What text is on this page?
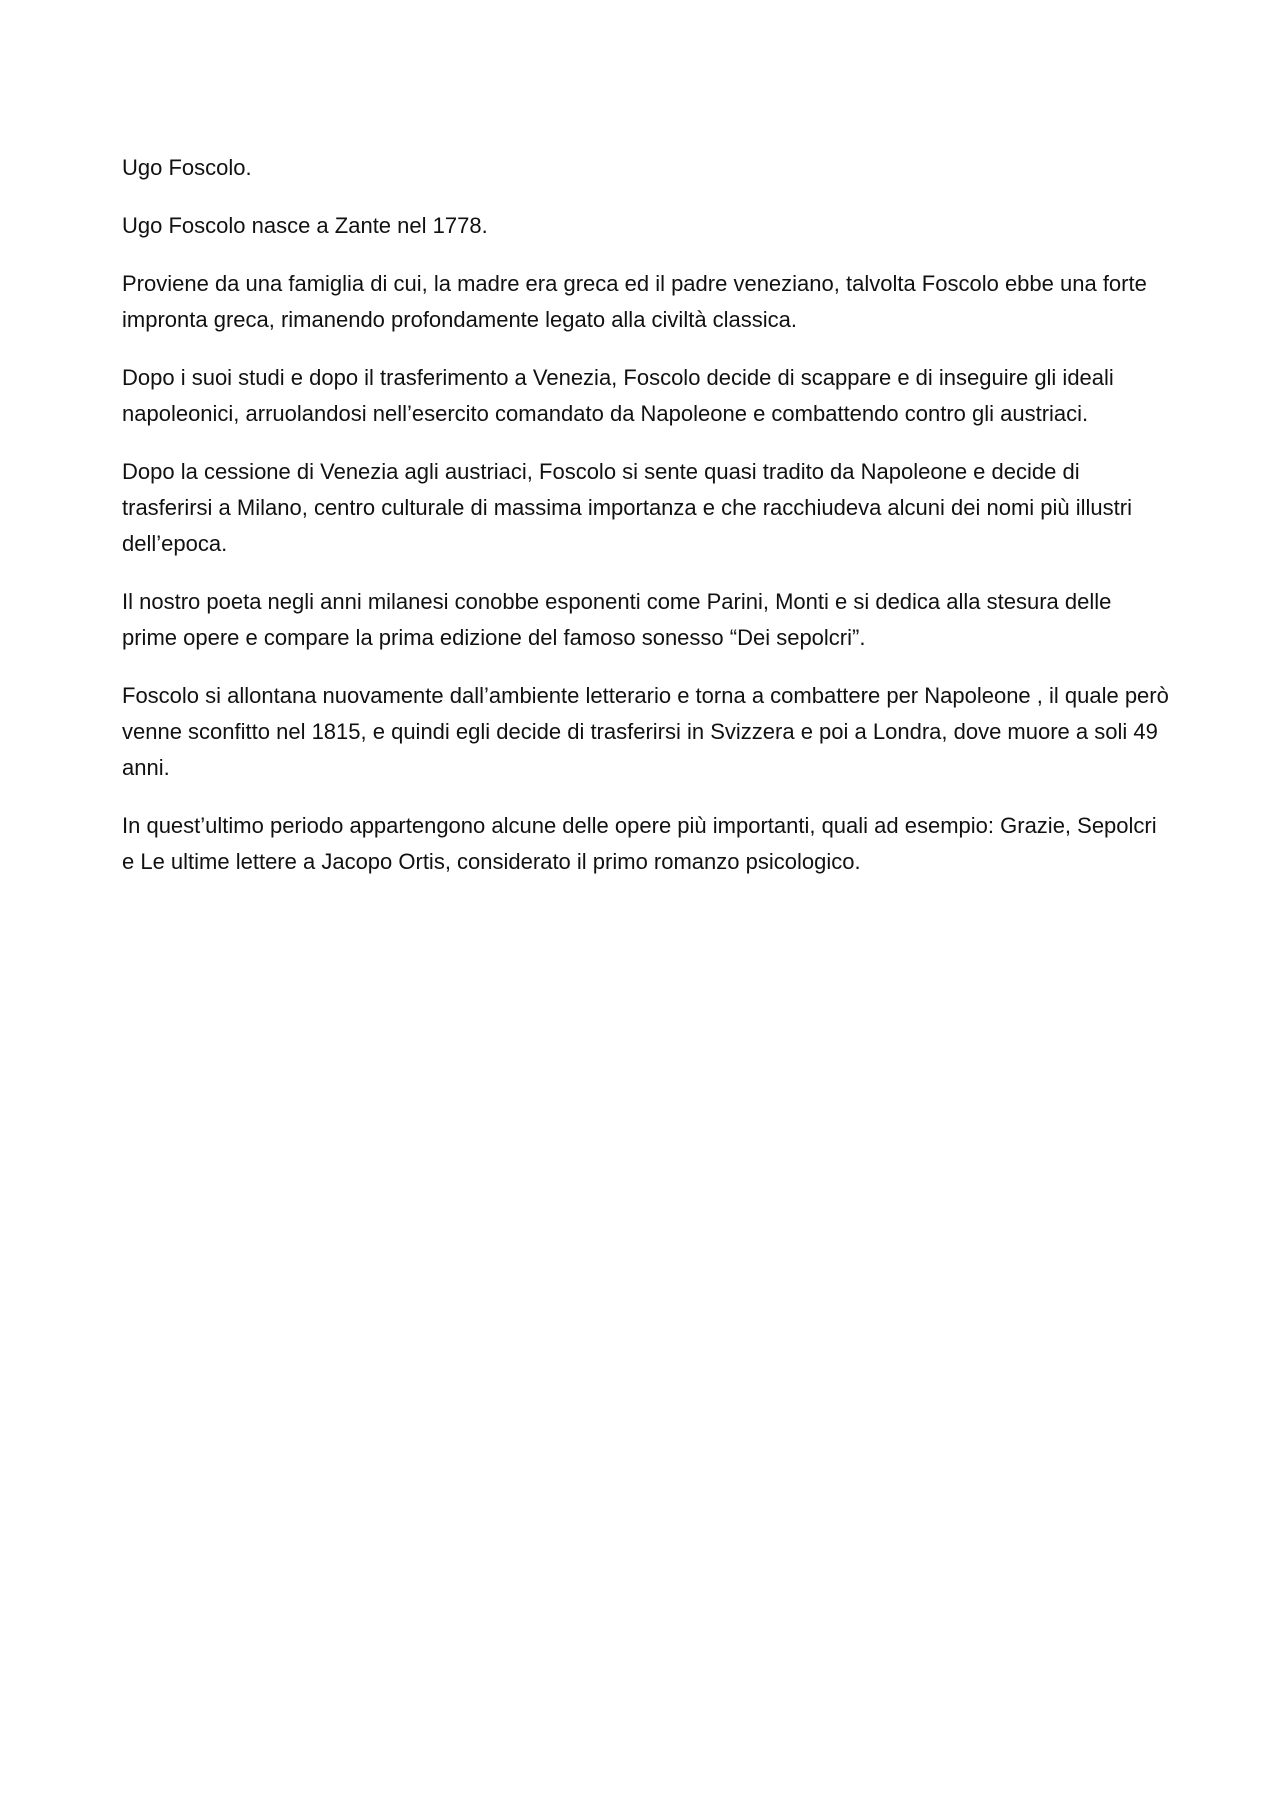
Ugo Foscolo.

Ugo Foscolo nasce a Zante nel 1778.

Proviene da una famiglia di cui, la madre era greca ed il padre veneziano, talvolta Foscolo ebbe una forte impronta greca, rimanendo profondamente legato alla civiltà classica.

Dopo i suoi studi e dopo il trasferimento a Venezia, Foscolo decide di scappare e di inseguire gli ideali napoleonici, arruolandosi nell’esercito comandato da Napoleone e combattendo contro gli austriaci.

Dopo la cessione di Venezia agli austriaci, Foscolo si sente quasi tradito da Napoleone e decide di trasferirsi a Milano, centro culturale di massima importanza e che racchiudeva alcuni dei nomi più illustri dell’epoca.

Il nostro poeta negli anni milanesi conobbe esponenti come Parini, Monti e si dedica alla stesura delle prime opere e compare la prima edizione del famoso sonesso “Dei sepolcri”.

Foscolo si allontana nuovamente dall’ambiente letterario e torna a combattere per Napoleone , il quale però venne sconfitto nel 1815, e quindi egli decide di trasferirsi in Svizzera e poi a Londra, dove muore a soli 49 anni.

In quest’ultimo periodo appartengono alcune delle opere più importanti, quali ad esempio: Grazie, Sepolcri e Le ultime lettere a Jacopo Ortis, considerato il primo romanzo psicologico.
